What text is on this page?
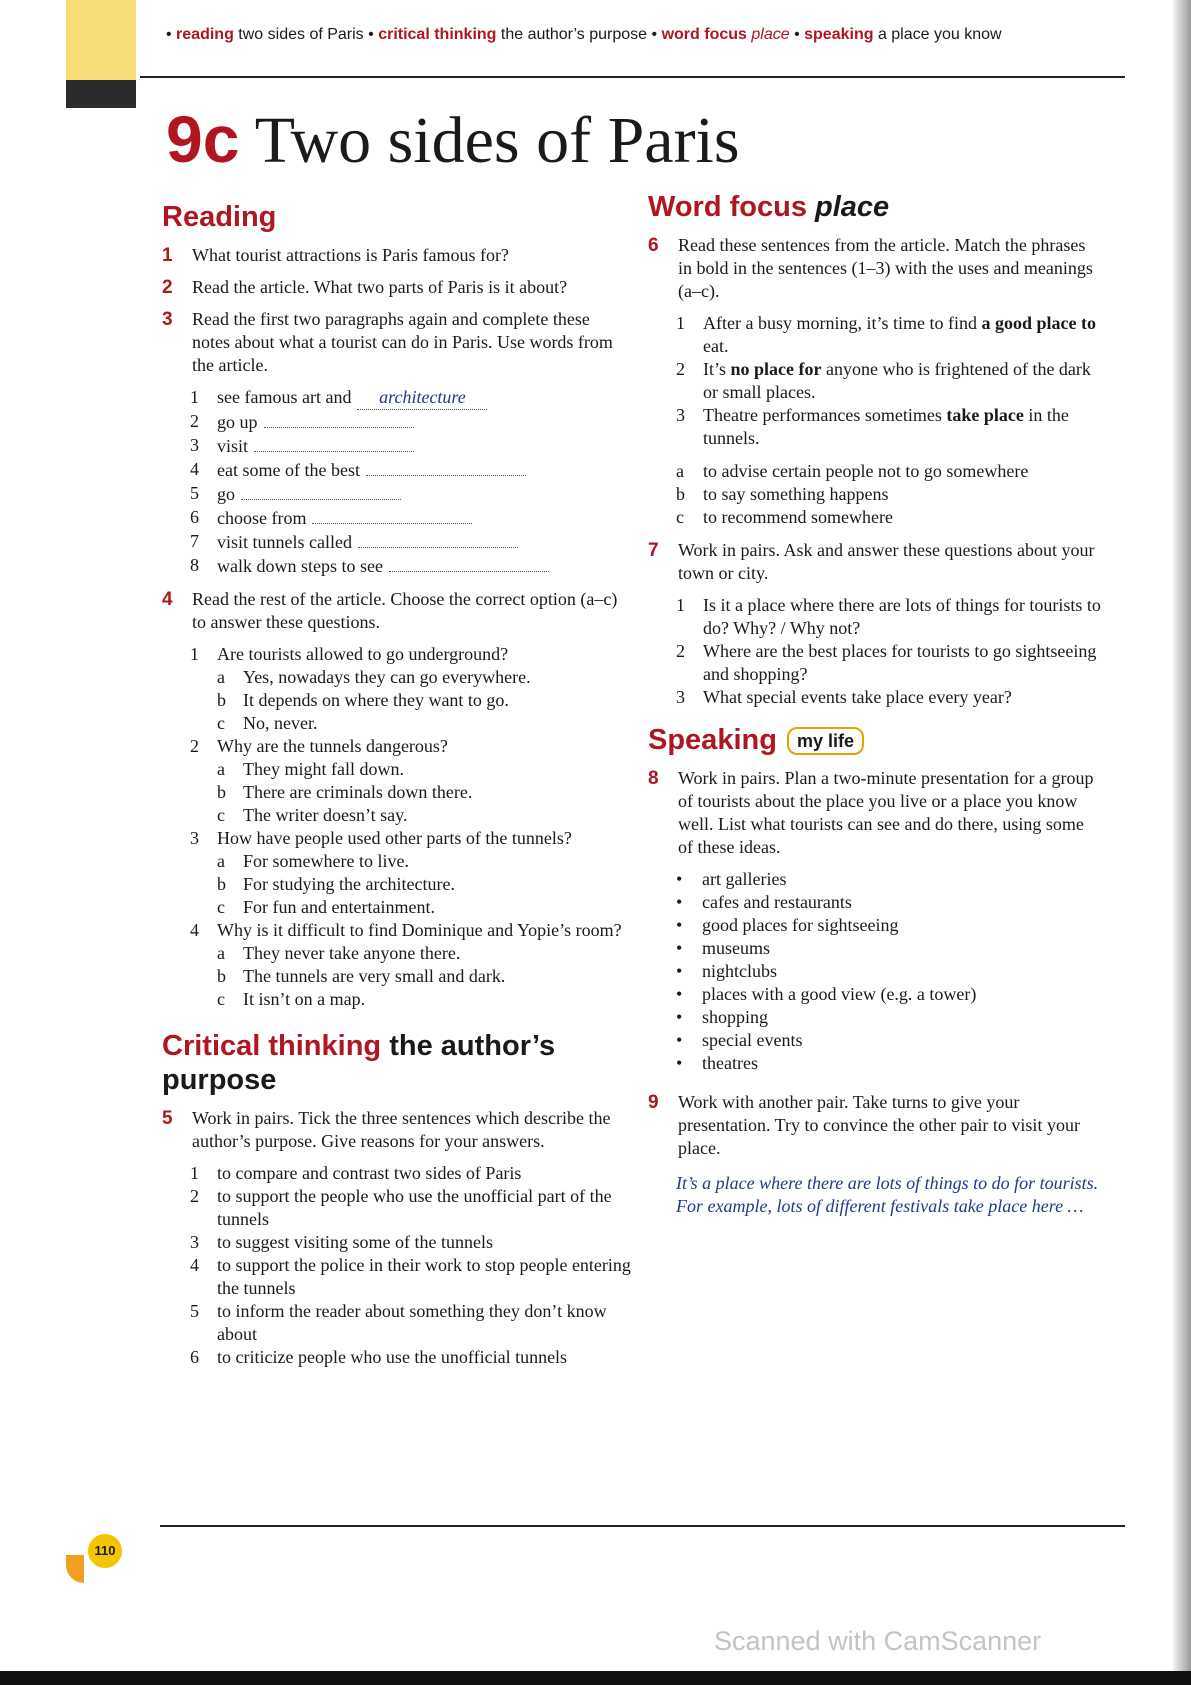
• reading two sides of Paris • critical thinking the author’s purpose • word focus place • speaking a place you know
9c Two sides of Paris
Reading
1 What tourist attractions is Paris famous for?
2 Read the article. What two parts of Paris is it about?
3 Read the first two paragraphs again and complete these notes about what a tourist can do in Paris. Use words from the article.
1 see famous art and architecture
2 go up
3 visit
4 eat some of the best
5 go
6 choose from
7 visit tunnels called
8 walk down steps to see
4 Read the rest of the article. Choose the correct option (a–c) to answer these questions.
1 Are tourists allowed to go underground?
a Yes, nowadays they can go everywhere.
b It depends on where they want to go.
c No, never.
2 Why are the tunnels dangerous?
a They might fall down.
b There are criminals down there.
c The writer doesn’t say.
3 How have people used other parts of the tunnels?
a For somewhere to live.
b For studying the architecture.
c For fun and entertainment.
4 Why is it difficult to find Dominique and Yopie’s room?
a They never take anyone there.
b The tunnels are very small and dark.
c It isn’t on a map.
Critical thinking the author’s purpose
5 Work in pairs. Tick the three sentences which describe the author’s purpose. Give reasons for your answers.
1 to compare and contrast two sides of Paris
2 to support the people who use the unofficial part of the tunnels
3 to suggest visiting some of the tunnels
4 to support the police in their work to stop people entering the tunnels
5 to inform the reader about something they don’t know about
6 to criticize people who use the unofficial tunnels
Word focus place
6 Read these sentences from the article. Match the phrases in bold in the sentences (1–3) with the uses and meanings (a–c).
1 After a busy morning, it’s time to find a good place to eat.
2 It’s no place for anyone who is frightened of the dark or small places.
3 Theatre performances sometimes take place in the tunnels.
a to advise certain people not to go somewhere
b to say something happens
c to recommend somewhere
7 Work in pairs. Ask and answer these questions about your town or city.
1 Is it a place where there are lots of things for tourists to do? Why? / Why not?
2 Where are the best places for tourists to go sightseeing and shopping?
3 What special events take place every year?
Speaking my life
8 Work in pairs. Plan a two-minute presentation for a group of tourists about the place you live or a place you know well. List what tourists can see and do there, using some of these ideas.
• art galleries
• cafes and restaurants
• good places for sightseeing
• museums
• nightclubs
• places with a good view (e.g. a tower)
• shopping
• special events
• theatres
9 Work with another pair. Take turns to give your presentation. Try to convince the other pair to visit your place.
It’s a place where there are lots of things to do for tourists. For example, lots of different festivals take place here …
110
Scanned with CamScanner
